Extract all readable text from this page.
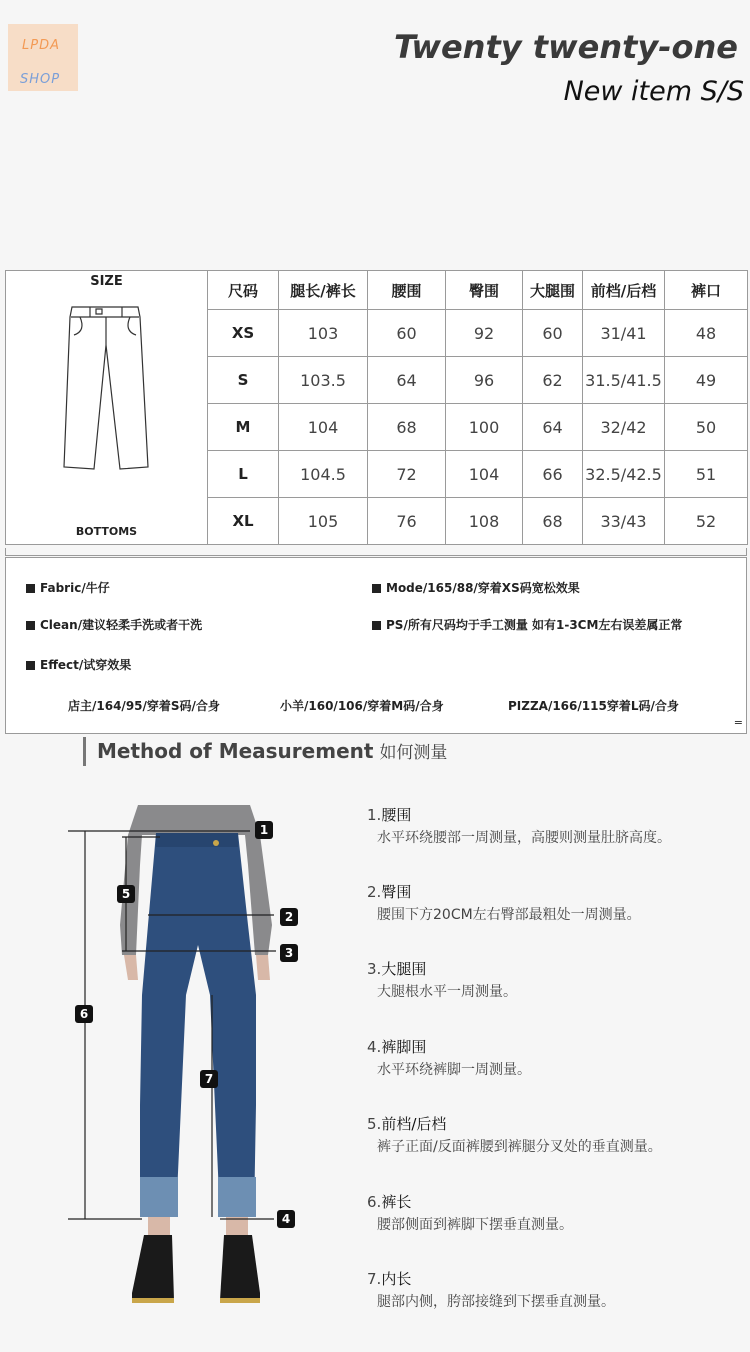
LPDA
SHOP
Twenty twenty-one
New item S/S
SIZE
BOTTOMS	尺码	腿长/裤长	腰围	臀围	大腿围	前档/后档	裤口
	XS	103	60	92	60	31/41	48
	S	103.5	64	96	62	31.5/41.5	49
	M	104	68	100	64	32/42	50
	L	104.5	72	104	66	32.5/42.5	51
	XL	105	76	108	68	33/43	52
Fabric/牛仔	Mode/165/88/穿着XS码宽松效果
Clean/建议轻柔手洗或者干洗	PS/所有尺码均于手工测量 如有1-3CM左右误差属正常
Effect/试穿效果
店主/164/95/穿着S码/合身	小羊/160/106/穿着M码/合身	PIZZA/166/115穿着L码/合身
=
Method of Measurement 如何测量
1
2
3
4
5
6
7
1.腰围
水平环绕腰部一周测量，高腰则测量肚脐高度。
2.臀围
腰围下方20CM左右臀部最粗处一周测量。
3.大腿围
大腿根水平一周测量。
4.裤脚围
水平环绕裤脚一周测量。
5.前档/后档
裤子正面/反面裤腰到裤腿分叉处的垂直测量。
6.裤长
腰部侧面到裤脚下摆垂直测量。
7.内长
腿部内侧，胯部接缝到下摆垂直测量。
